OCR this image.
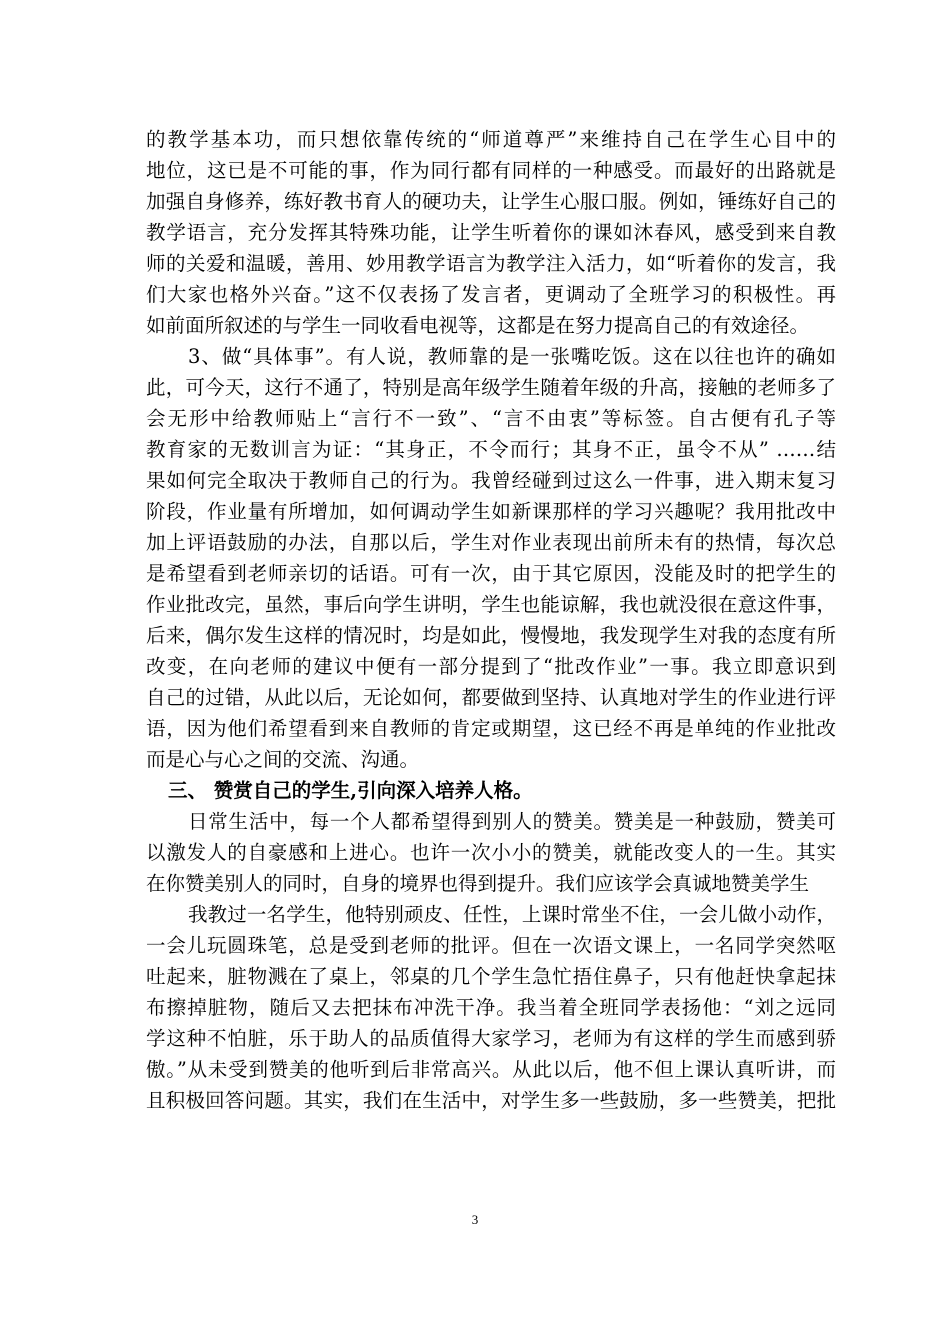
的教学基本功，而只想依靠传统的“师道尊严”来维持自己在学生心目中的
地位，这已是不可能的事，作为同行都有同样的一种感受。而最好的出路就是
加强自身修养，练好教书育人的硬功夫，让学生心服口服。例如，锤练好自己的
教学语言，充分发挥其特殊功能，让学生听着你的课如沐春风，感受到来自教
师的关爱和温暖，善用、妙用教学语言为教学注入活力，如“听着你的发言，我
们大家也格外兴奋。”这不仅表扬了发言者，更调动了全班学习的积极性。再
如前面所叙述的与学生一同收看电视等，这都是在努力提高自己的有效途径。
3、做“具体事”。有人说，教师靠的是一张嘴吃饭。这在以往也许的确如
此，可今天，这行不通了，特别是高年级学生随着年级的升高，接触的老师多了
会无形中给教师贴上“言行不一致”、“言不由衷”等标签。自古便有孔子等
教育家的无数训言为证：“其身正，不令而行；其身不正，虽令不从” ……结
果如何完全取决于教师自己的行为。我曾经碰到过这么一件事，进入期末复习
阶段，作业量有所增加，如何调动学生如新课那样的学习兴趣呢？我用批改中
加上评语鼓励的办法，自那以后，学生对作业表现出前所未有的热情，每次总
是希望看到老师亲切的话语。可有一次，由于其它原因，没能及时的把学生的
作业批改完，虽然，事后向学生讲明，学生也能谅解，我也就没很在意这件事，
后来，偶尔发生这样的情况时，均是如此，慢慢地，我发现学生对我的态度有所
改变，在向老师的建议中便有一部分提到了“批改作业”一事。我立即意识到
自己的过错，从此以后，无论如何，都要做到坚持、认真地对学生的作业进行评
语，因为他们希望看到来自教师的肯定或期望，这已经不再是单纯的作业批改
而是心与心之间的交流、沟通。
三、 赞赏自己的学生,引向深入培养人格。
日常生活中，每一个人都希望得到别人的赞美。赞美是一种鼓励，赞美可
以激发人的自豪感和上进心。也许一次小小的赞美，就能改变人的一生。其实
在你赞美别人的同时，自身的境界也得到提升。我们应该学会真诚地赞美学生
我教过一名学生，他特别顽皮、任性，上课时常坐不住，一会儿做小动作，
一会儿玩圆珠笔，总是受到老师的批评。但在一次语文课上，一名同学突然呕
吐起来，脏物溅在了桌上，邻桌的几个学生急忙捂住鼻子，只有他赶快拿起抹
布擦掉脏物，随后又去把抹布冲洗干净。我当着全班同学表扬他：“刘之远同
学这种不怕脏，乐于助人的品质值得大家学习，老师为有这样的学生而感到骄
傲。”从未受到赞美的他听到后非常高兴。从此以后，他不但上课认真听讲，而
且积极回答问题。其实，我们在生活中，对学生多一些鼓励，多一些赞美，把批
3
